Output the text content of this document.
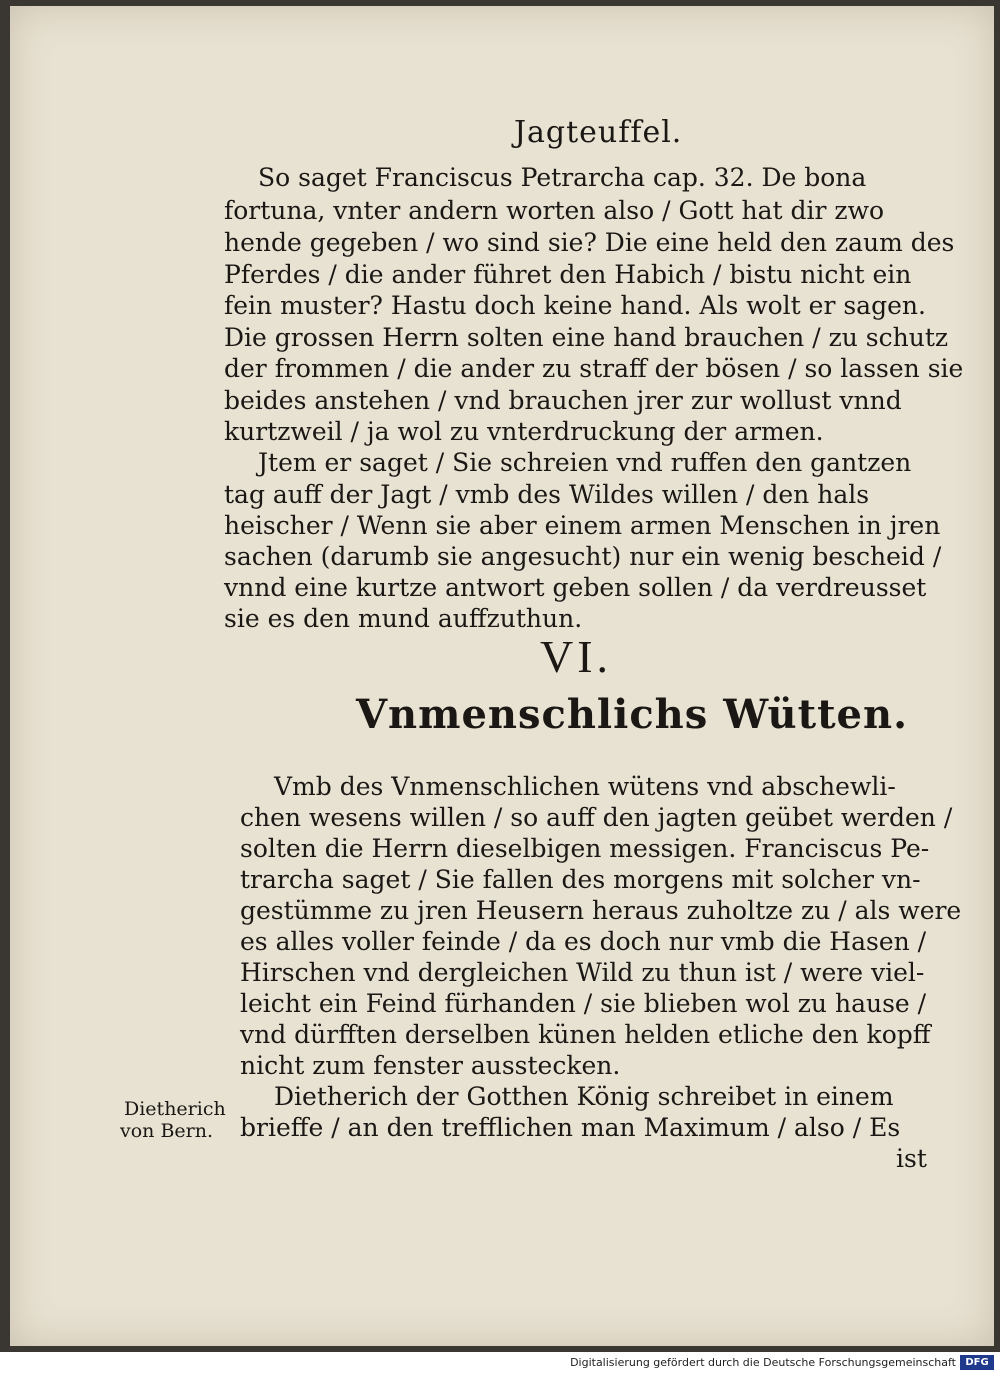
Jagteuffel.

So saget Franciscus Petrarcha cap. 32. De bona

fortuna, vnter andern worten also / Gott hat dir zwo

hende gegeben / wo sind sie? Die eine held den zaum des

Pferdes / die ander führet den Habich / bistu nicht ein

fein muster? Hastu doch keine hand. Als wolt er sagen.

Die grossen Herrn solten eine hand brauchen / zu schutz

der frommen / die ander zu straff der bösen / so lassen sie

beides anstehen / vnd brauchen jrer zur wollust vnnd

kurtzweil / ja wol zu vnterdruckung der armen.

Jtem er saget / Sie schreien vnd ruffen den gantzen

tag auff der Jagt / vmb des Wildes willen / den hals

heischer / Wenn sie aber einem armen Menschen in jren

sachen (darumb sie angesucht) nur ein wenig bescheid /

vnnd eine kurtze antwort geben sollen / da verdreusset

sie es den mund auffzuthun.

VI.

Vnmenschlichs Wütten.

Vmb des Vnmenschlichen wütens vnd abschewli-

chen wesens willen / so auff den jagten geübet werden /

solten die Herrn dieselbigen messigen. Franciscus Pe-

trarcha saget / Sie fallen des morgens mit solcher vn-

gestümme zu jren Heusern heraus zuholtze zu / als were

es alles voller feinde / da es doch nur vmb die Hasen /

Hirschen vnd dergleichen Wild zu thun ist / were viel-

leicht ein Feind fürhanden / sie blieben wol zu hause /

vnd dürfften derselben künen helden etliche den kopff

nicht zum fenster ausstecken.

Dietherich der Gotthen König schreibet in einem

brieffe / an den trefflichen man Maximum / also / Es

ist

Dietherich

von Bern.

Digitalisierung gefördert durch die Deutsche Forschungsgemeinschaft DFG
